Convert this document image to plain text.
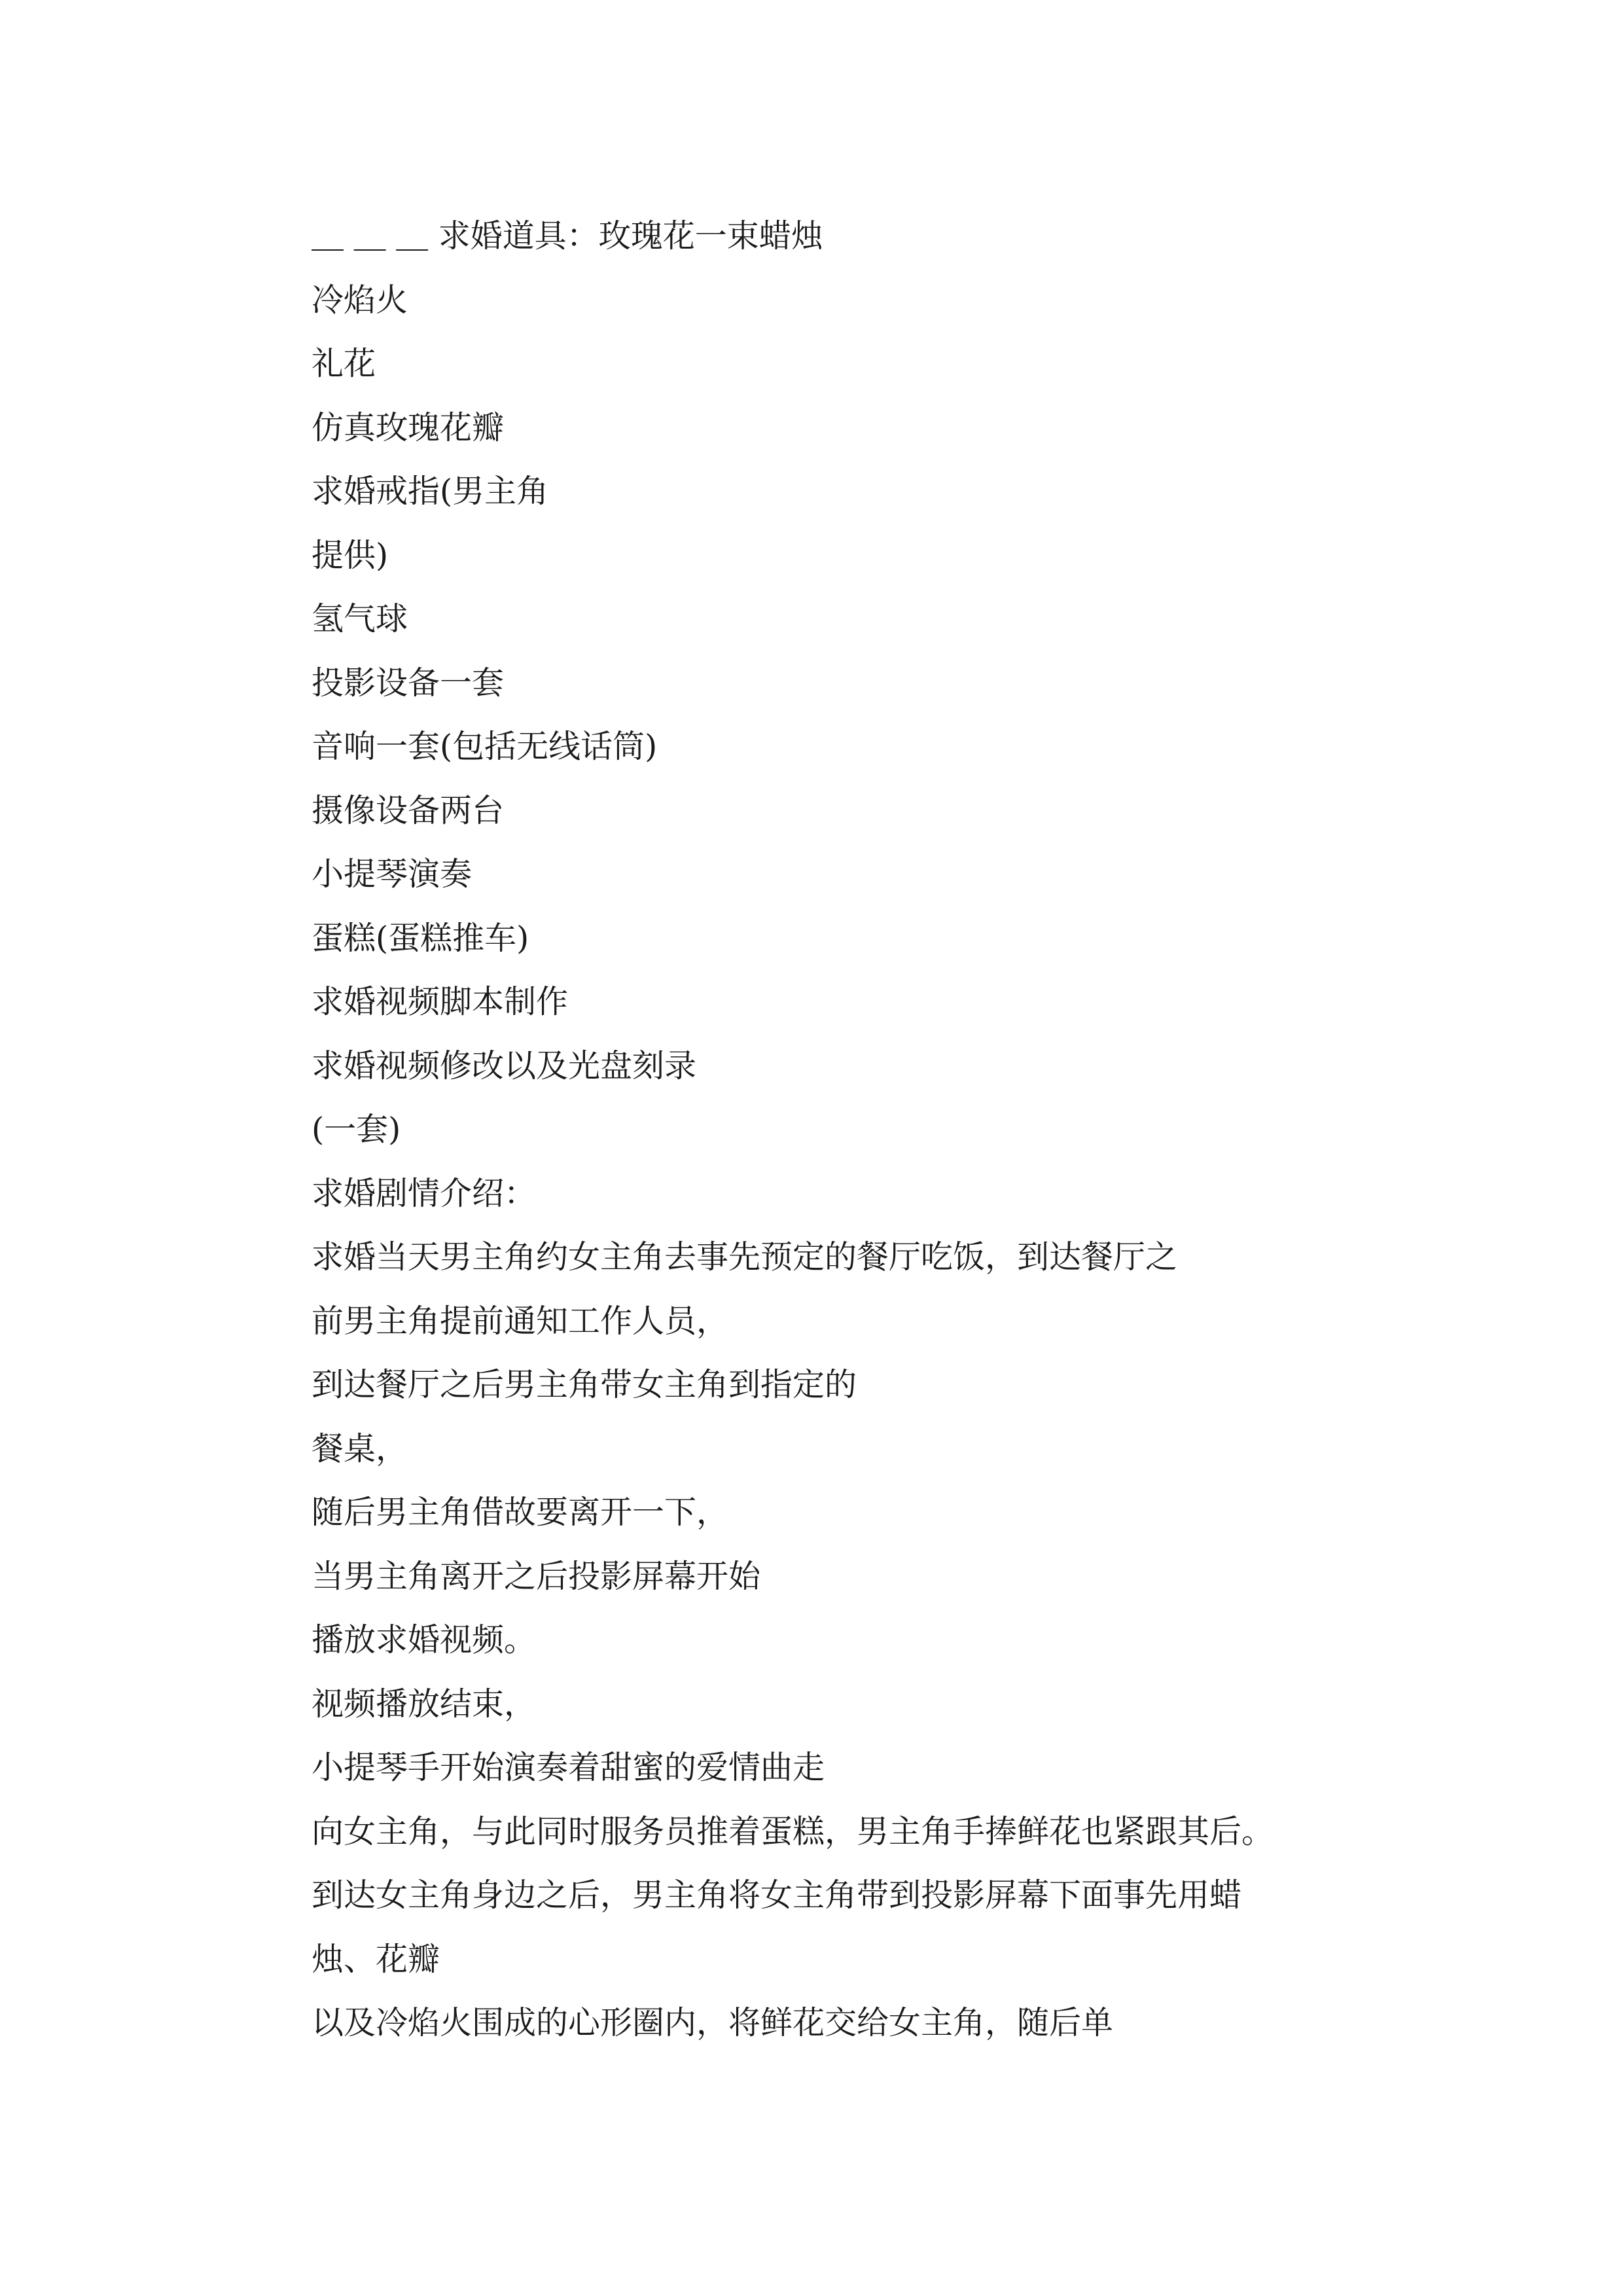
＿ ＿ ＿ 求婚道具：玫瑰花一束蜡烛
冷焰火
礼花
仿真玫瑰花瓣
求婚戒指(男主角
提供)
氢气球
投影设备一套
音响一套(包括无线话筒)
摄像设备两台
小提琴演奏
蛋糕(蛋糕推车)
求婚视频脚本制作
求婚视频修改以及光盘刻录
(一套)
求婚剧情介绍：
求婚当天男主角约女主角去事先预定的餐厅吃饭，到达餐厅之
前男主角提前通知工作人员，
到达餐厅之后男主角带女主角到指定的
餐桌，
随后男主角借故要离开一下，
当男主角离开之后投影屏幕开始
播放求婚视频。
视频播放结束，
小提琴手开始演奏着甜蜜的爱情曲走
向女主角，与此同时服务员推着蛋糕，男主角手捧鲜花也紧跟其后。
到达女主角身边之后，男主角将女主角带到投影屏幕下面事先用蜡
烛、花瓣
以及冷焰火围成的心形圈内，将鲜花交给女主角，随后单
